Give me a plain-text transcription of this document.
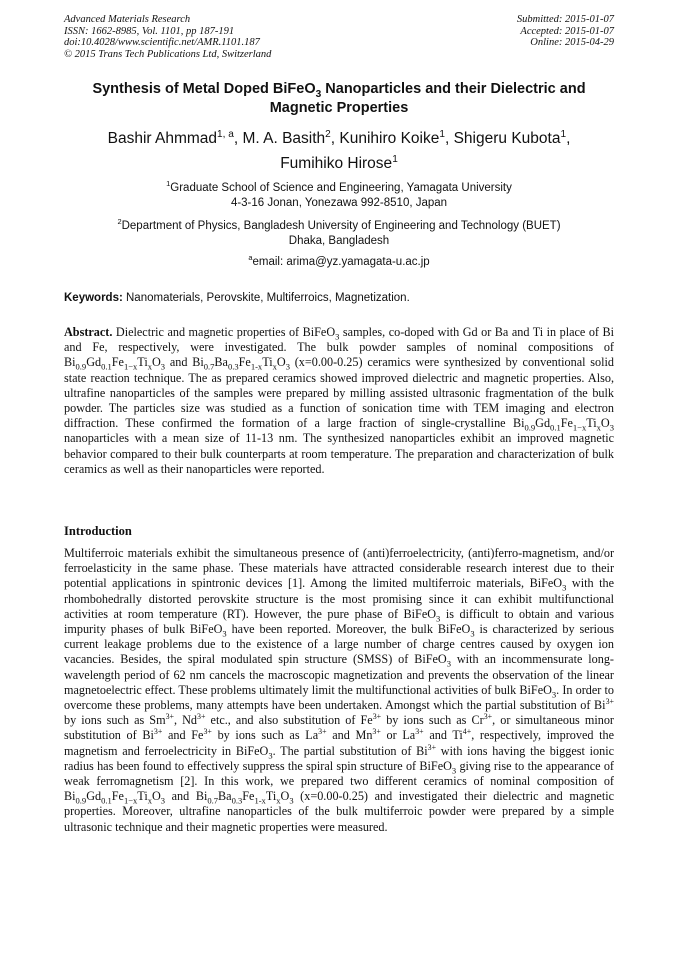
Advanced Materials Research
ISSN: 1662-8985, Vol. 1101, pp 187-191
doi:10.4028/www.scientific.net/AMR.1101.187
© 2015 Trans Tech Publications Ltd, Switzerland
Submitted: 2015-01-07
Accepted: 2015-01-07
Online: 2015-04-29
Synthesis of Metal Doped BiFeO$_3$ Nanoparticles and their Dielectric and Magnetic Properties
Bashir Ahmmad$^{1, a}$, M. A. Basith$^2$, Kunihiro Koike$^1$, Shigeru Kubota$^1$,
Fumihiko Hirose$^1$
$^1$Graduate School of Science and Engineering, Yamagata University
4-3-16 Jonan, Yonezawa 992-8510, Japan
$^2$Department of Physics, Bangladesh University of Engineering and Technology (BUET)
Dhaka, Bangladesh
$^a$email: arima@yz.yamagata-u.ac.jp
Keywords: Nanomaterials, Perovskite, Multiferroics, Magnetization.

Abstract. Dielectric and magnetic properties of BiFeO$_3$ samples, co-doped with Gd or Ba and Ti in place of Bi and Fe, respectively, were investigated. The bulk powder samples of nominal compositions of $Bi_{0.9}Gd_{0.1}Fe_{1-x}Ti_xO_3$ and $Bi_{0.7}Ba_{0.3}Fe_{1-x}Ti_xO_3$ (x=0.00-0.25) ceramics were synthesized by conventional solid state reaction technique. The as prepared ceramics showed improved dielectric and magnetic properties. Also, ultrafine nanoparticles of the samples were prepared by milling assisted ultrasonic fragmentation of the bulk powder. The particles size was studied as a function of sonication time with TEM imaging and electron diffraction. These confirmed the formation of a large fraction of single-crystalline $Bi_{0.9}Gd_{0.1}Fe_{1-x}Ti_xO_3$ nanoparticles with a mean size of 11-13 nm. The synthesized nanoparticles exhibit an improved magnetic behavior compared to their bulk counterparts at room temperature. The preparation and characterization of bulk ceramics as well as their nanoparticles were reported.

Introduction

Multiferroic materials exhibit the simultaneous presence of (anti)ferroelectricity, (anti)ferro-magnetism, and/or ferroelasticity in the same phase. These materials have attracted considerable research interest due to their potential applications in spintronic devices [1]. Among the limited multiferroic materials, BiFeO$_3$ with the rhombohedrally distorted perovskite structure is the most promising since it can exhibit multifunctional activities at room temperature (RT). However, the pure phase of BiFeO$_3$ is difficult to obtain and various impurity phases of bulk BiFeO$_3$ have been reported. Moreover, the bulk BiFeO$_3$ is characterized by serious current leakage problems due to the existence of a large number of charge centres caused by oxygen ion vacancies. Besides, the spiral modulated spin structure (SMSS) of BiFeO$_3$ with an incommensurate long-wavelength period of 62 nm cancels the macroscopic magnetization and prevents the observation of the linear magnetoelectric effect. These problems ultimately limit the multifunctional activities of bulk BiFeO$_3$. In order to overcome these problems, many attempts have been undertaken. Amongst which the partial substitution of $Bi^{3+}$ by ions such as $Sm^{3+}$, $Nd^{3+}$ etc., and also substitution of $Fe^{3+}$ by ions such as $Cr^{3+}$, or simultaneous minor substitution of $Bi^{3+}$ and $Fe^{3+}$ by ions such as $La^{3+}$ and $Mn^{3+}$ or $La^{3+}$ and $Ti^{4+}$, respectively, improved the magnetism and ferroelectricity in BiFeO$_3$. The partial substitution of $Bi^{3+}$ with ions having the biggest ionic radius has been found to effectively suppress the spiral spin structure of BiFeO$_3$ giving rise to the appearance of weak ferromagnetism [2]. In this work, we prepared two different ceramics of nominal composition of $Bi_{0.9}Gd_{0.1}Fe_{1-x}Ti_xO_3$ and $Bi_{0.7}Ba_{0.3}Fe_{1-x}Ti_xO_3$ (x=0.00-0.25) and investigated their dielectric and magnetic properties. Moreover, ultrafine nanoparticles of the bulk multiferroic powder were prepared by a simple ultrasonic technique and their magnetic properties were measured.
